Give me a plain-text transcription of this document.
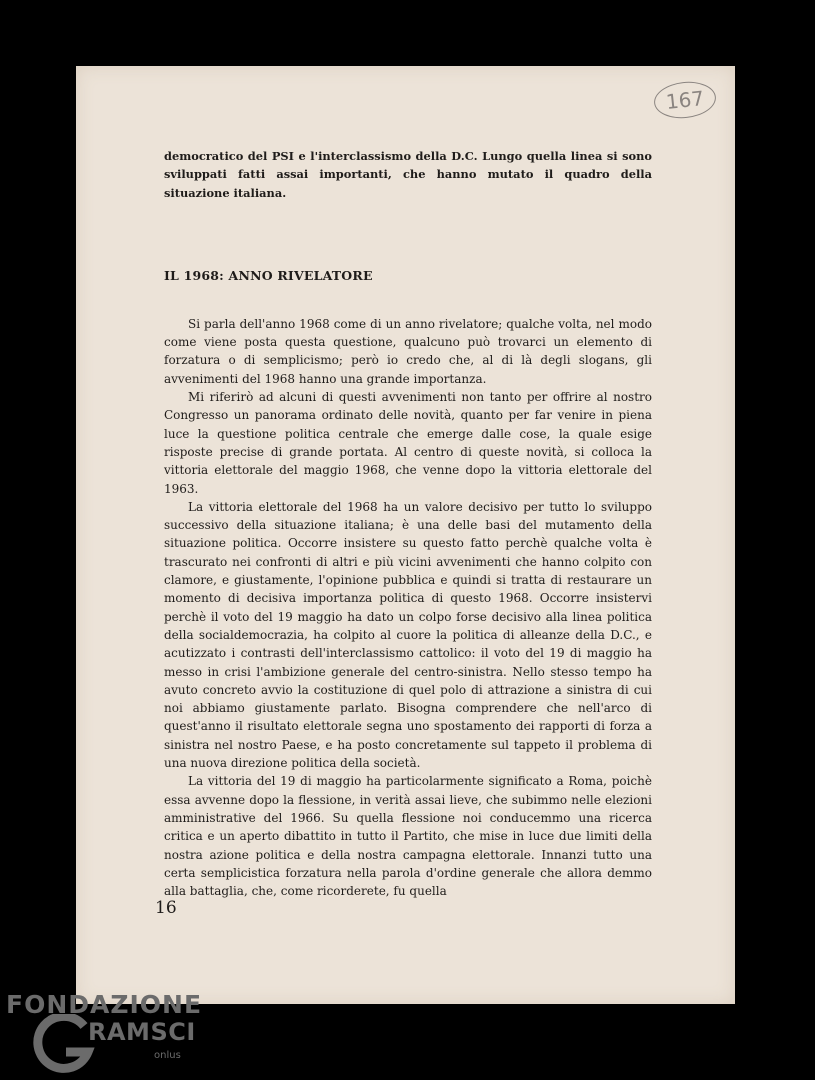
167

democratico del PSI e l'interclassismo della D.C. Lungo quella linea si sono sviluppati fatti assai importanti, che hanno mutato il quadro della situazione italiana.

IL 1968: ANNO RIVELATORE

Si parla dell'anno 1968 come di un anno rivelatore; qualche volta, nel modo come viene posta questa questione, qualcuno può trovarci un elemento di forzatura o di semplicismo; però io credo che, al di là degli slogans, gli avvenimenti del 1968 hanno una grande importanza.

Mi riferirò ad alcuni di questi avvenimenti non tanto per offrire al nostro Congresso un panorama ordinato delle novità, quanto per far venire in piena luce la questione politica centrale che emerge dalle cose, la quale esige risposte precise di grande portata. Al centro di queste novità, si colloca la vittoria elettorale del maggio 1968, che venne dopo la vittoria elettorale del 1963.

La vittoria elettorale del 1968 ha un valore decisivo per tutto lo sviluppo successivo della situazione italiana; è una delle basi del mutamento della situazione politica. Occorre insistere su questo fatto perchè qualche volta è trascurato nei confronti di altri e più vicini avvenimenti che hanno colpito con clamore, e giustamente, l'opinione pubblica e quindi si tratta di restaurare un momento di decisiva importanza politica di questo 1968. Occorre insistervi perchè il voto del 19 maggio ha dato un colpo forse decisivo alla linea politica della socialdemocrazia, ha colpito al cuore la politica di alleanze della D.C., e acutizzato i contrasti dell'interclassismo cattolico: il voto del 19 di maggio ha messo in crisi l'ambizione generale del centro-sinistra. Nello stesso tempo ha avuto concreto avvio la costituzione di quel polo di attrazione a sinistra di cui noi abbiamo giustamente parlato. Bisogna comprendere che nell'arco di quest'anno il risultato elettorale segna uno spostamento dei rapporti di forza a sinistra nel nostro Paese, e ha posto concretamente sul tappeto il problema di una nuova direzione politica della società.

La vittoria del 19 di maggio ha particolarmente significato a Roma, poichè essa avvenne dopo la flessione, in verità assai lieve, che subimmo nelle elezioni amministrative del 1966. Su quella flessione noi conducemmo una ricerca critica e un aperto dibattito in tutto il Partito, che mise in luce due limiti della nostra azione politica e della nostra campagna elettorale. Innanzi tutto una certa semplicistica forzatura nella parola d'ordine generale che allora demmo alla battaglia, che, come ricorderete, fu quella

16
FONDAZIONE
RAMSCI
onlus
